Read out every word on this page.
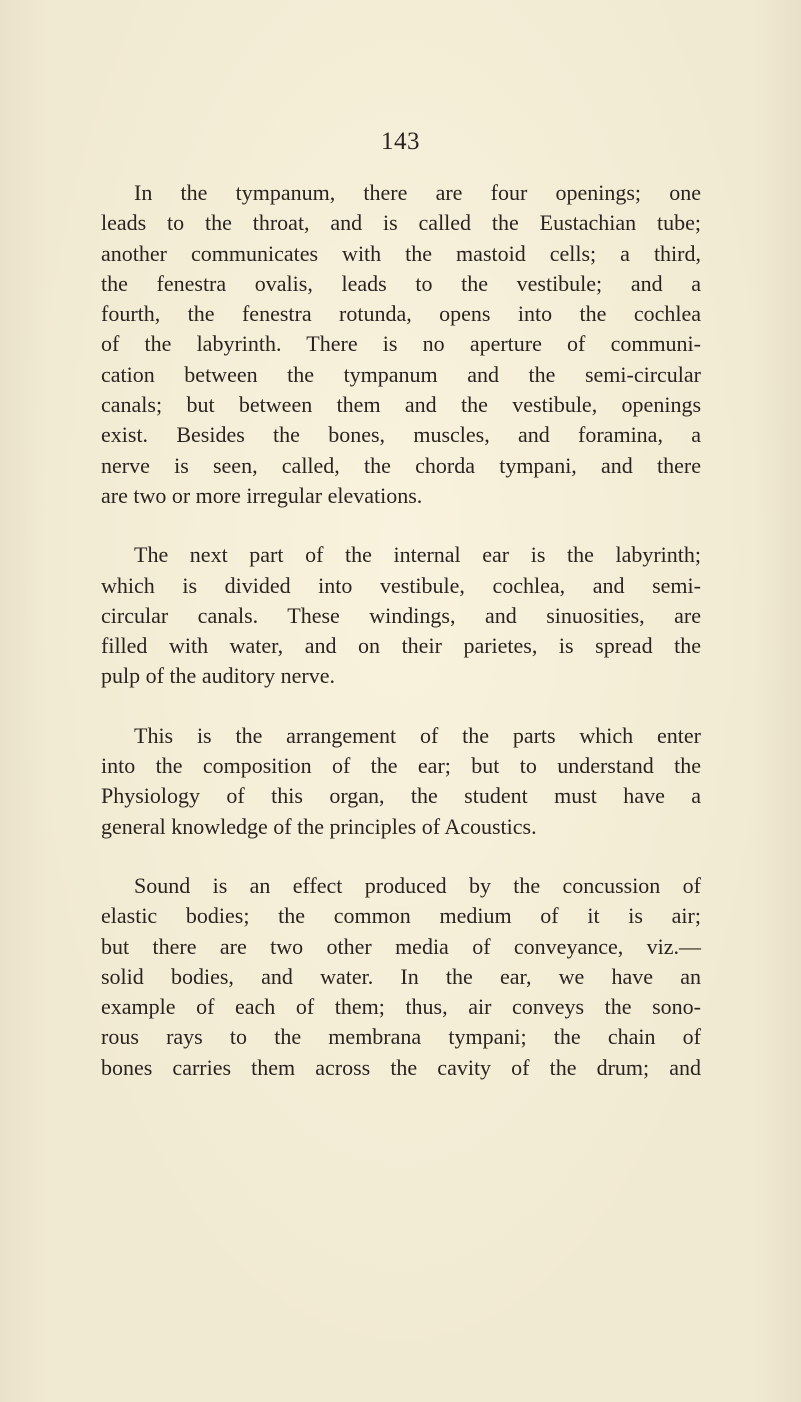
143

In the tympanum, there are four openings; one
leads to the throat, and is called the Eustachian tube;
another communicates with the mastoid cells; a third,
the fenestra ovalis, leads to the vestibule; and a
fourth, the fenestra rotunda, opens into the cochlea
of the labyrinth. There is no aperture of communi-
cation between the tympanum and the semi-circular
canals; but between them and the vestibule, openings
exist. Besides the bones, muscles, and foramina, a
nerve is seen, called, the chorda tympani, and there
are two or more irregular elevations.

The next part of the internal ear is the labyrinth;
which is divided into vestibule, cochlea, and semi-
circular canals. These windings, and sinuosities, are
filled with water, and on their parietes, is spread the
pulp of the auditory nerve.

This is the arrangement of the parts which enter
into the composition of the ear; but to understand the
Physiology of this organ, the student must have a
general knowledge of the principles of Acoustics.

Sound is an effect produced by the concussion of
elastic bodies; the common medium of it is air;
but there are two other media of conveyance, viz.—
solid bodies, and water. In the ear, we have an
example of each of them; thus, air conveys the sono-
rous rays to the membrana tympani; the chain of
bones carries them across the cavity of the drum; and
